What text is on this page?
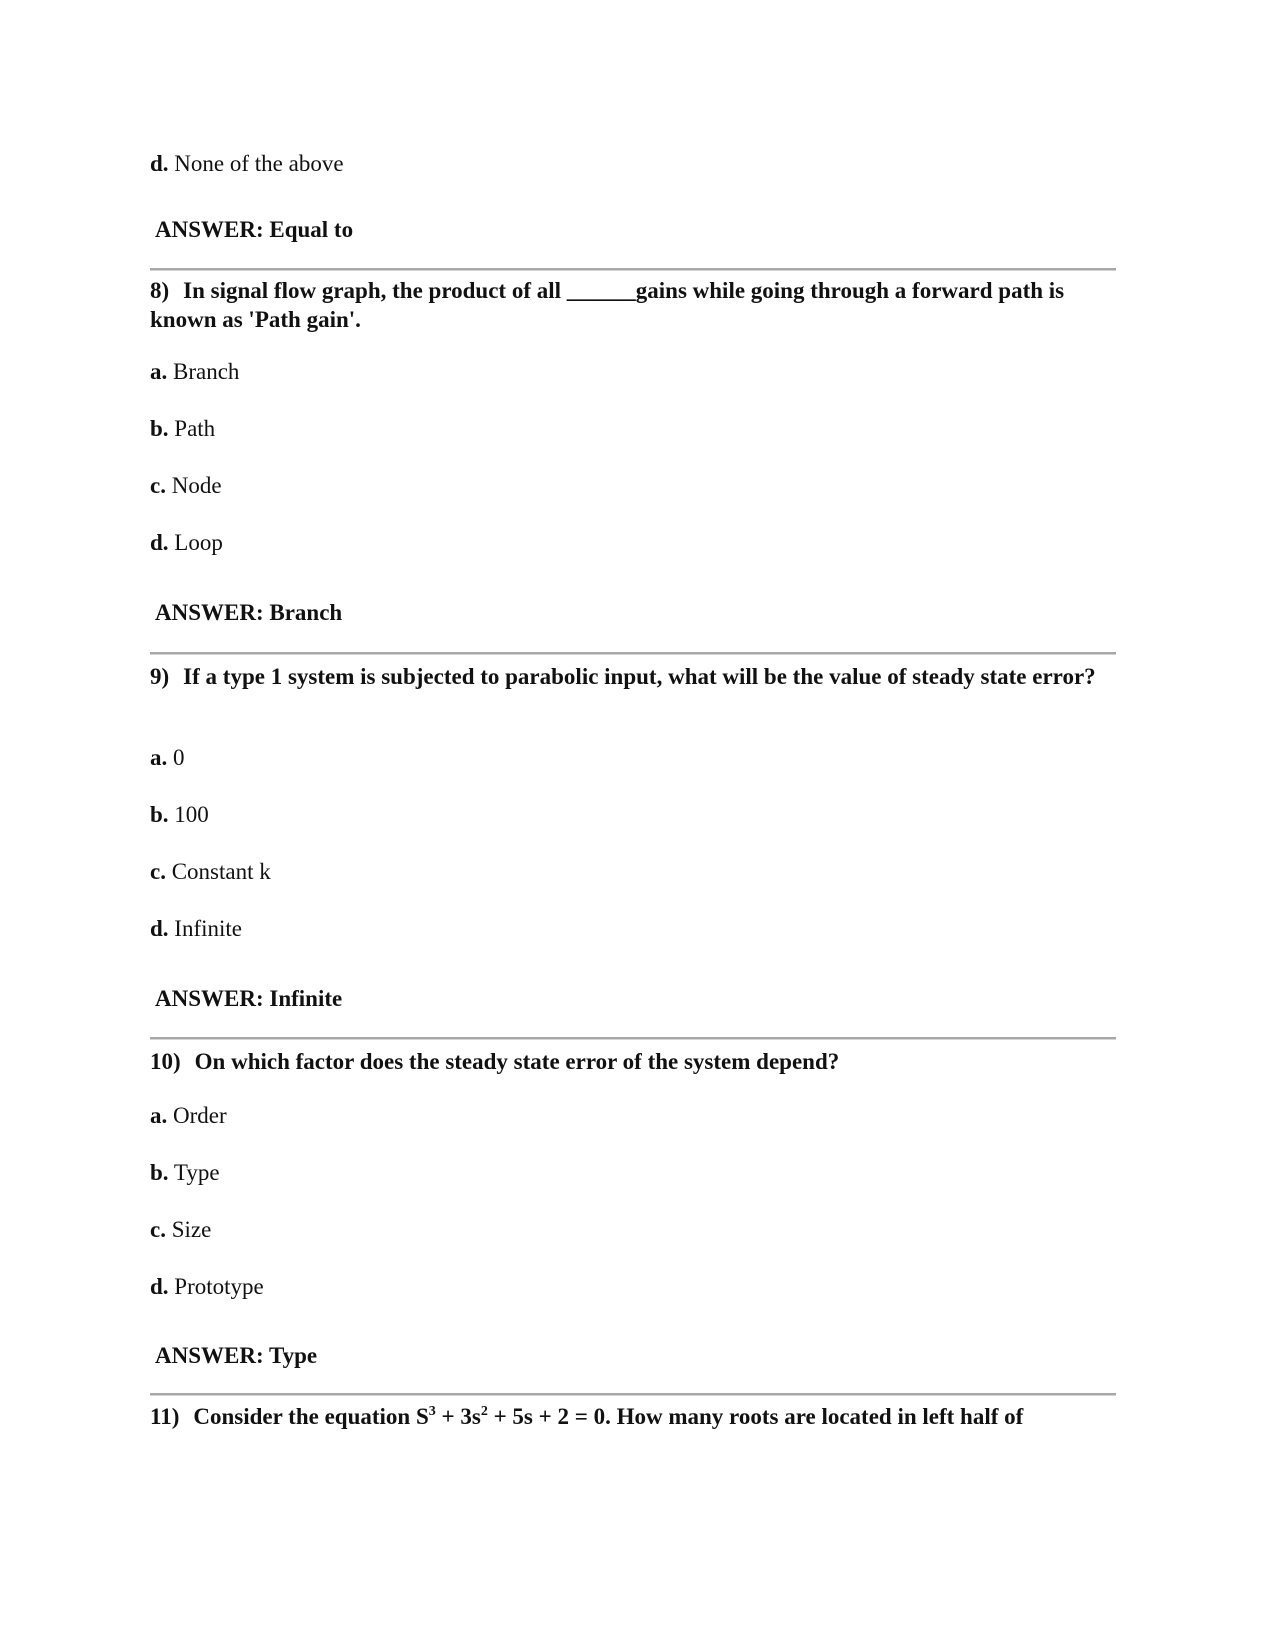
d. None of the above
ANSWER: Equal to
8) In signal flow graph, the product of all ______gains while going through a forward path is known as 'Path gain'.
a. Branch
b. Path
c. Node
d. Loop
ANSWER: Branch
9) If a type 1 system is subjected to parabolic input, what will be the value of steady state error?
a. 0
b. 100
c. Constant k
d. Infinite
ANSWER: Infinite
10) On which factor does the steady state error of the system depend?
a. Order
b. Type
c. Size
d. Prototype
ANSWER: Type
11) Consider the equation $S^3 + 3s^2 + 5s + 2 = 0$. How many roots are located in left half of
